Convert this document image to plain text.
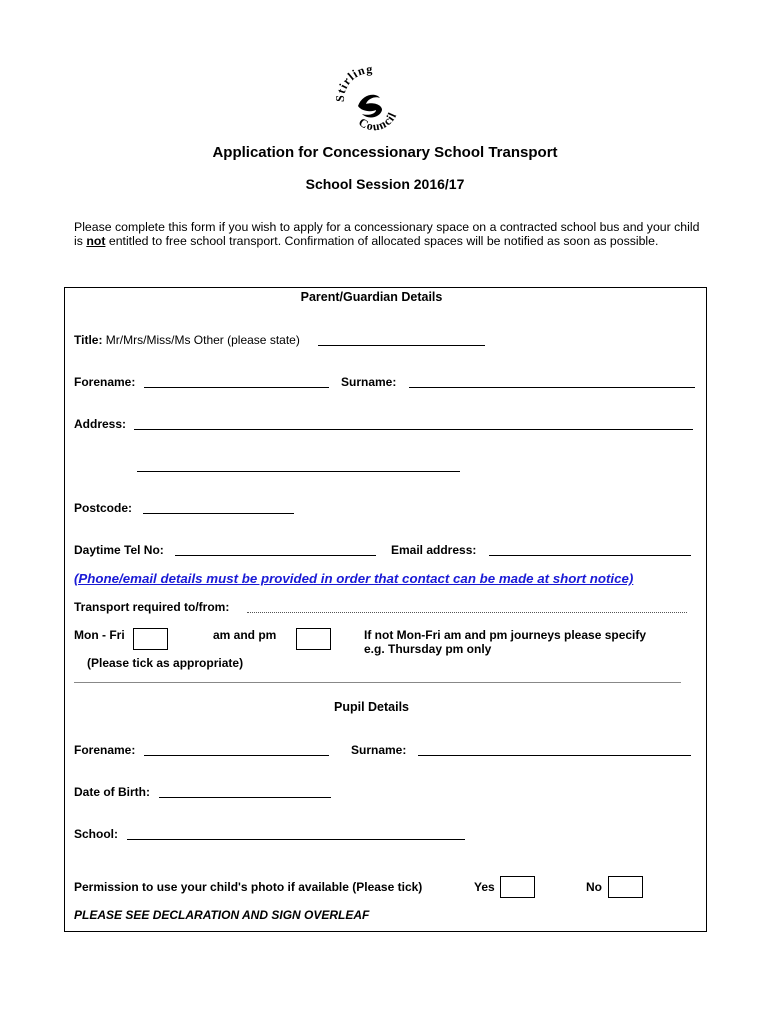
Stirling
Council
Application for Concessionary School Transport
School Session 2016/17
Please complete this form if you wish to apply for a concessionary space on a contracted school bus and your child is not entitled to free school transport. Confirmation of allocated spaces will be notified as soon as possible.
Parent/Guardian Details
Title: Mr/Mrs/Miss/Ms Other (please state)
Forename:	Surname:
Address:
Postcode:
Daytime Tel No:	Email address:
(Phone/email details must be provided in order that contact can be made at short notice)
Transport required to/from:
Mon - Fri	am and pm	If not Mon-Fri am and pm journeys please specify
e.g. Thursday pm only
(Please tick as appropriate)
Pupil Details
Forename:	Surname:
Date of Birth:
School:
Permission to use your child's photo if available (Please tick)	Yes	No
PLEASE SEE DECLARATION AND SIGN OVERLEAF
